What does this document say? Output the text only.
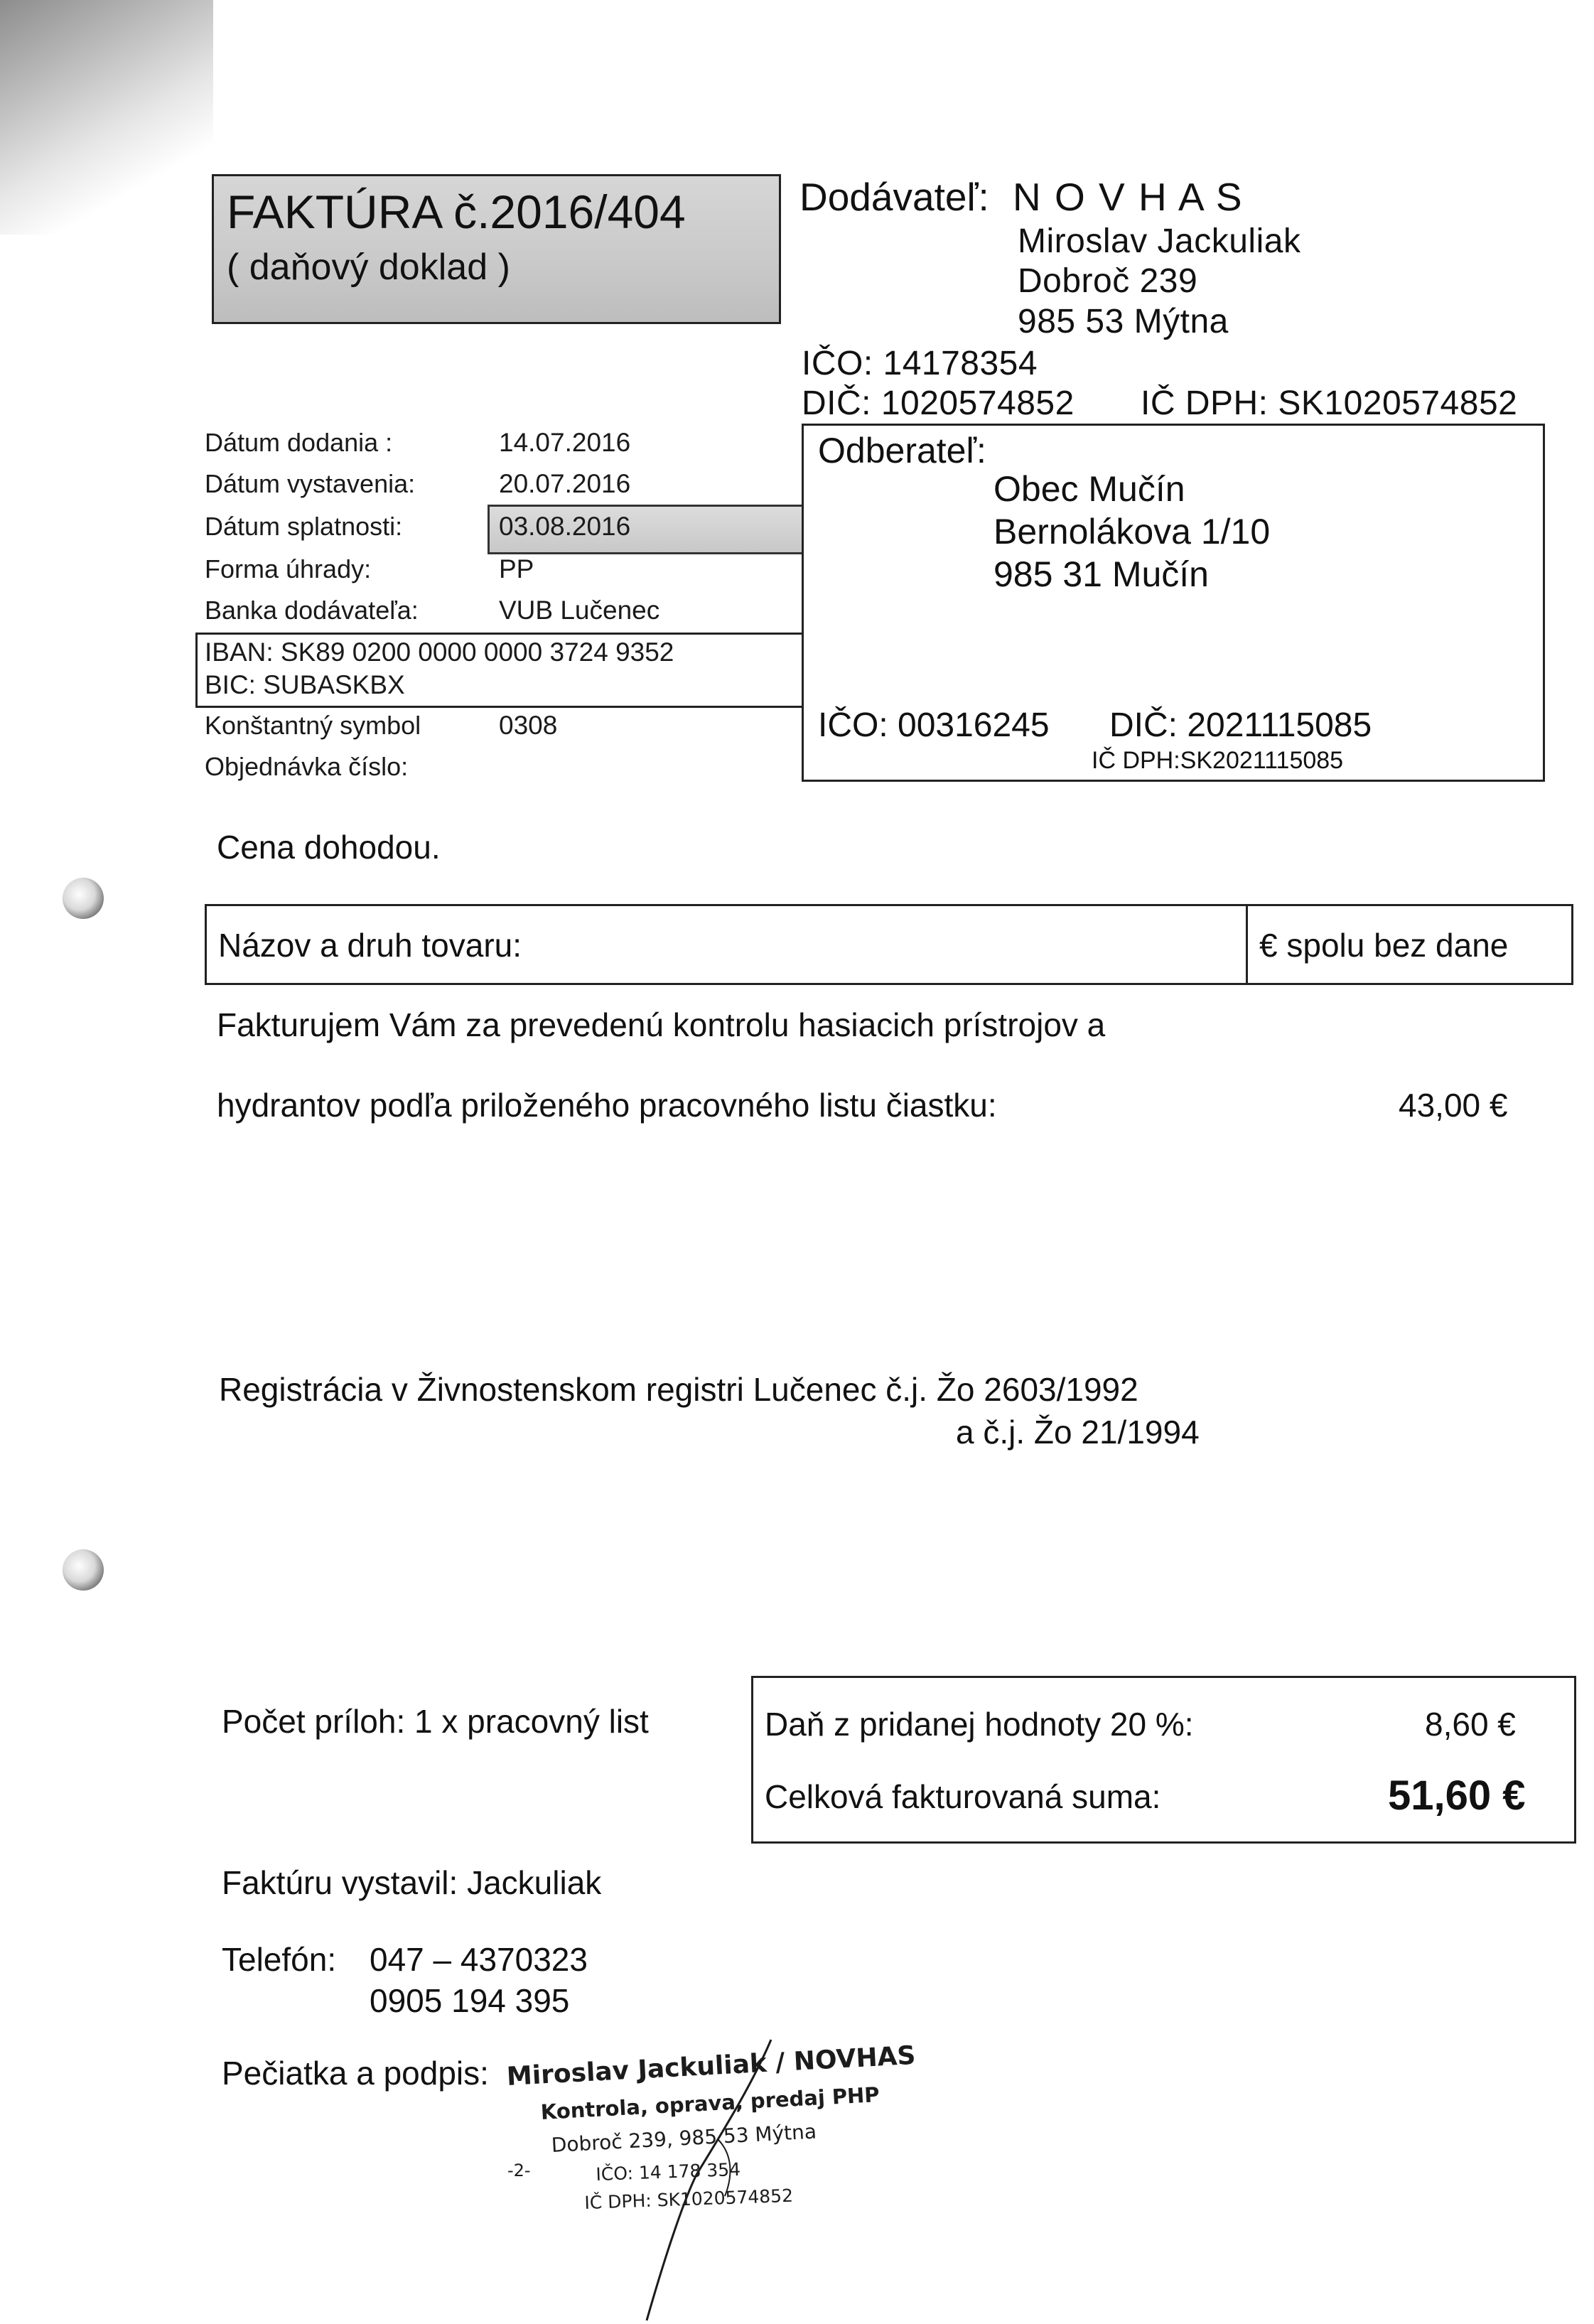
FAKTÚRA č.2016/404
( daňový doklad )
Dodávateľ: N O V H A S
Miroslav Jackuliak
Dobroč 239
985 53 Mýtna
IČO: 14178354
DIČ: 1020574852 IČ DPH: SK1020574852
Dátum dodania :	14.07.2016
Dátum vystavenia:	20.07.2016
Dátum splatnosti:	03.08.2016
Forma úhrady:	PP
Banka dodávateľa:	VUB Lučenec
IBAN: SK89 0200 0000 0000 3724 9352
BIC: SUBASKBX
Konštantný symbol	0308
Objednávka číslo:
Odberateľ:
Obec Mučín
Bernolákova 1/10
985 31 Mučín
IČO: 00316245 DIČ: 2021115085
IČ DPH:SK2021115085
Cena dohodou.
Názov a druh tovaru:	€ spolu bez dane
Fakturujem Vám za prevedenú kontrolu hasiacich prístrojov a
hydrantov podľa priloženého pracovného listu čiastku:	43,00 €
Registrácia v Živnostenskom registri Lučenec č.j. Žo 2603/1992
a č.j. Žo 21/1994
Počet príloh: 1 x pracovný list	Daň z pridanej hodnoty 20 %:	8,60 €
Celková fakturovaná suma:	51,60 €
Faktúru vystavil: Jackuliak
Telefón: 047 – 4370323
0905 194 395
Pečiatka a podpis: Miroslav Jackuliak / NOVHAS
Kontrola, oprava, predaj PHP
Dobroč 239, 985 53 Mýtna
-2-	IČO: 14 178 354
IČ DPH: SK1020574852
